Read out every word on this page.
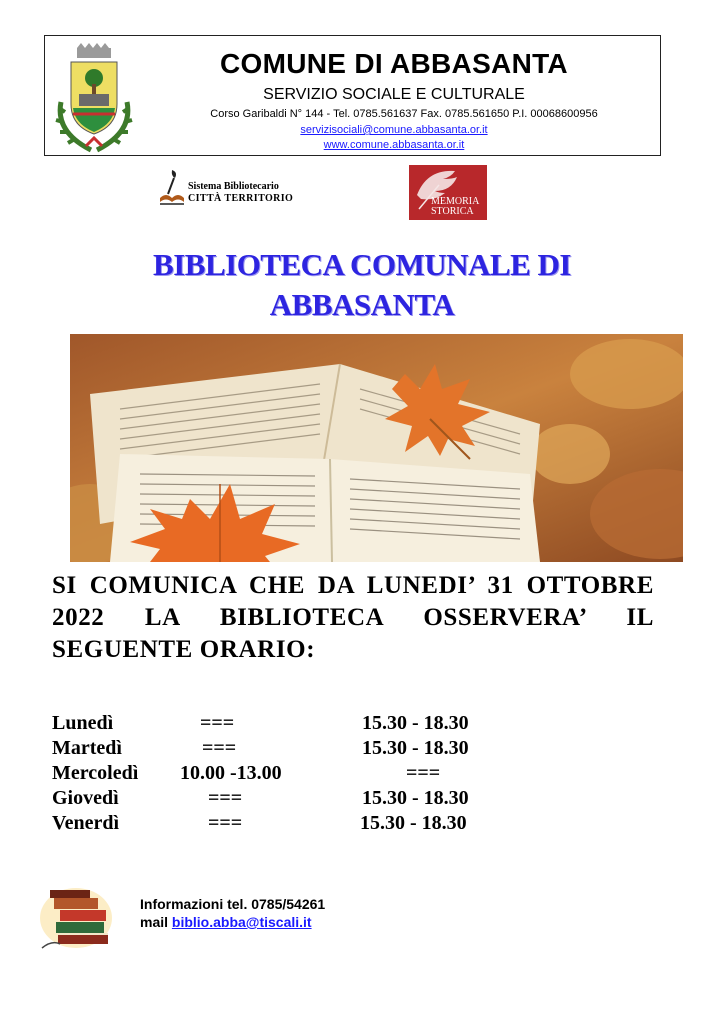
COMUNE DI ABBASANTA
SERVIZIO SOCIALE E CULTURALE
Corso Garibaldi N° 144 - Tel. 0785.561637 Fax. 0785.561650 P.I. 00068600956
servizisociali@comune.abbasanta.or.it
www.comune.abbasanta.or.it
Sistema Bibliotecario
CITTÀ TERRITORIO	MEMORIA
STORICA
BIBLIOTECA COMUNALE DI
ABBASANTA
SI COMUNICA CHE DA LUNEDI’ 31 OTTOBRE 2022 LA BIBLIOTECA OSSERVERA’ IL SEGUENTE ORARIO:
Lunedì	===	15.30 - 18.30
Martedì	===	15.30 - 18.30
Mercoledì 10.00 -13.00	===
Giovedì	===	15.30 - 18.30
Venerdì	===	15.30 - 18.30
Informazioni tel. 0785/54261
mail biblio.abba@tiscali.it
